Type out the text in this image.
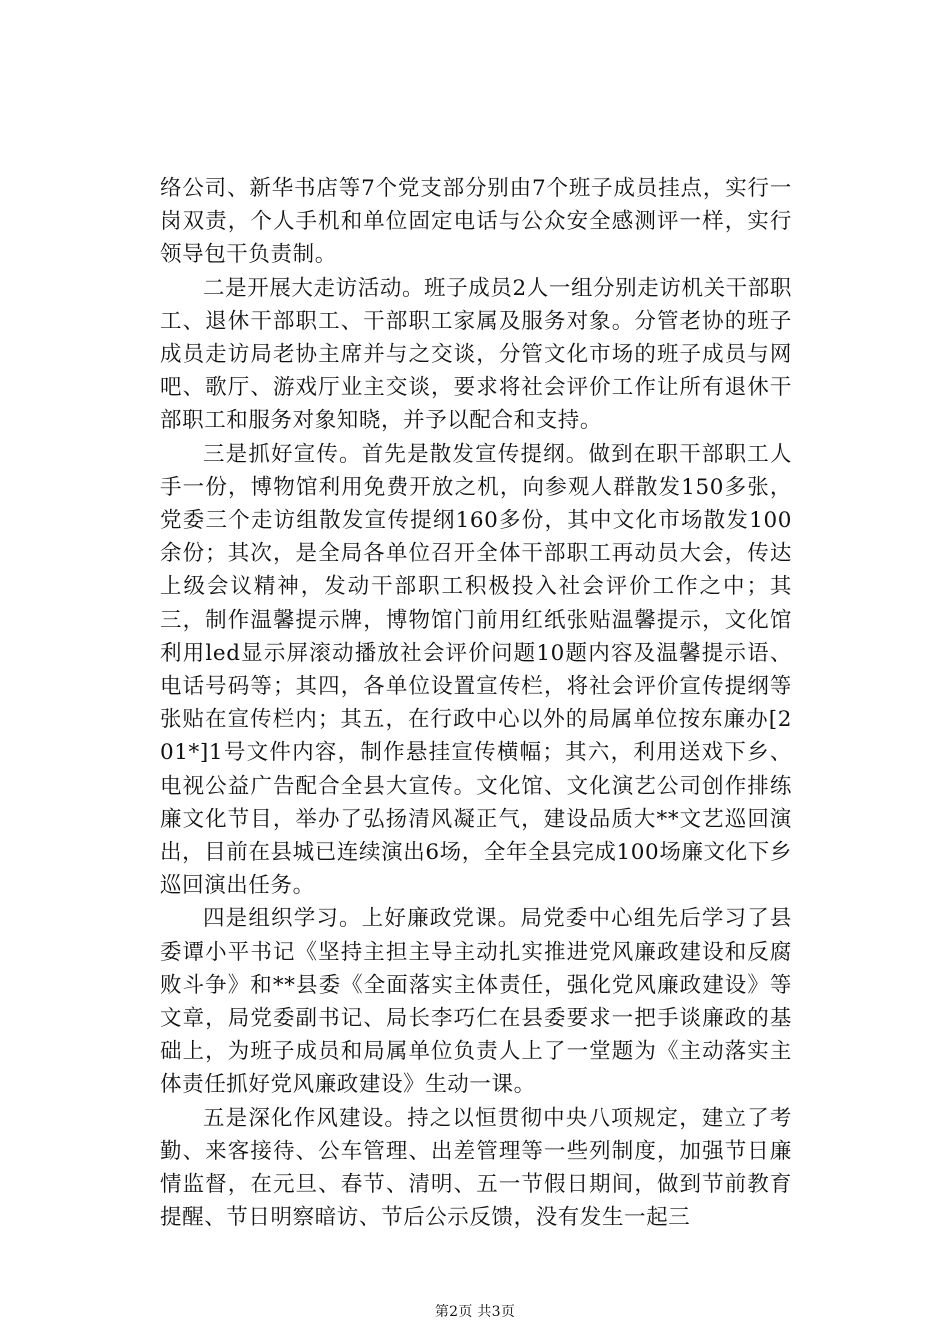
络公司、新华书店等7个党支部分别由7个班子成员挂点，实行一岗双责，个人手机和单位固定电话与公众安全感测评一样，实行领导包干负责制。

二是开展大走访活动。班子成员2人一组分别走访机关干部职工、退休干部职工、干部职工家属及服务对象。分管老协的班子成员走访局老协主席并与之交谈，分管文化市场的班子成员与网吧、歌厅、游戏厅业主交谈，要求将社会评价工作让所有退休干部职工和服务对象知晓，并予以配合和支持。

三是抓好宣传。首先是散发宣传提纲。做到在职干部职工人手一份，博物馆利用免费开放之机，向参观人群散发150多张，党委三个走访组散发宣传提纲160多份，其中文化市场散发100余份；其次，是全局各单位召开全体干部职工再动员大会，传达上级会议精神，发动干部职工积极投入社会评价工作之中；其三，制作温馨提示牌，博物馆门前用红纸张贴温馨提示，文化馆利用led显示屏滚动播放社会评价问题10题内容及温馨提示语、电话号码等；其四，各单位设置宣传栏，将社会评价宣传提纲等张贴在宣传栏内；其五，在行政中心以外的局属单位按东廉办[201*]1号文件内容，制作悬挂宣传横幅；其六，利用送戏下乡、电视公益广告配合全县大宣传。文化馆、文化演艺公司创作排练廉文化节目，举办了弘扬清风凝正气，建设品质大**文艺巡回演出，目前在县城已连续演出6场，全年全县完成100场廉文化下乡巡回演出任务。

四是组织学习。上好廉政党课。局党委中心组先后学习了县委谭小平书记《坚持主担主导主动扎实推进党风廉政建设和反腐败斗争》和**县委《全面落实主体责任，强化党风廉政建设》等文章，局党委副书记、局长李巧仁在县委要求一把手谈廉政的基础上，为班子成员和局属单位负责人上了一堂题为《主动落实主体责任抓好党风廉政建设》生动一课。

五是深化作风建设。持之以恒贯彻中央八项规定，建立了考勤、来客接待、公车管理、出差管理等一些列制度，加强节日廉情监督，在元旦、春节、清明、五一节假日期间，做到节前教育提醒、节日明察暗访、节后公示反馈，没有发生一起三

第2页 共3页
